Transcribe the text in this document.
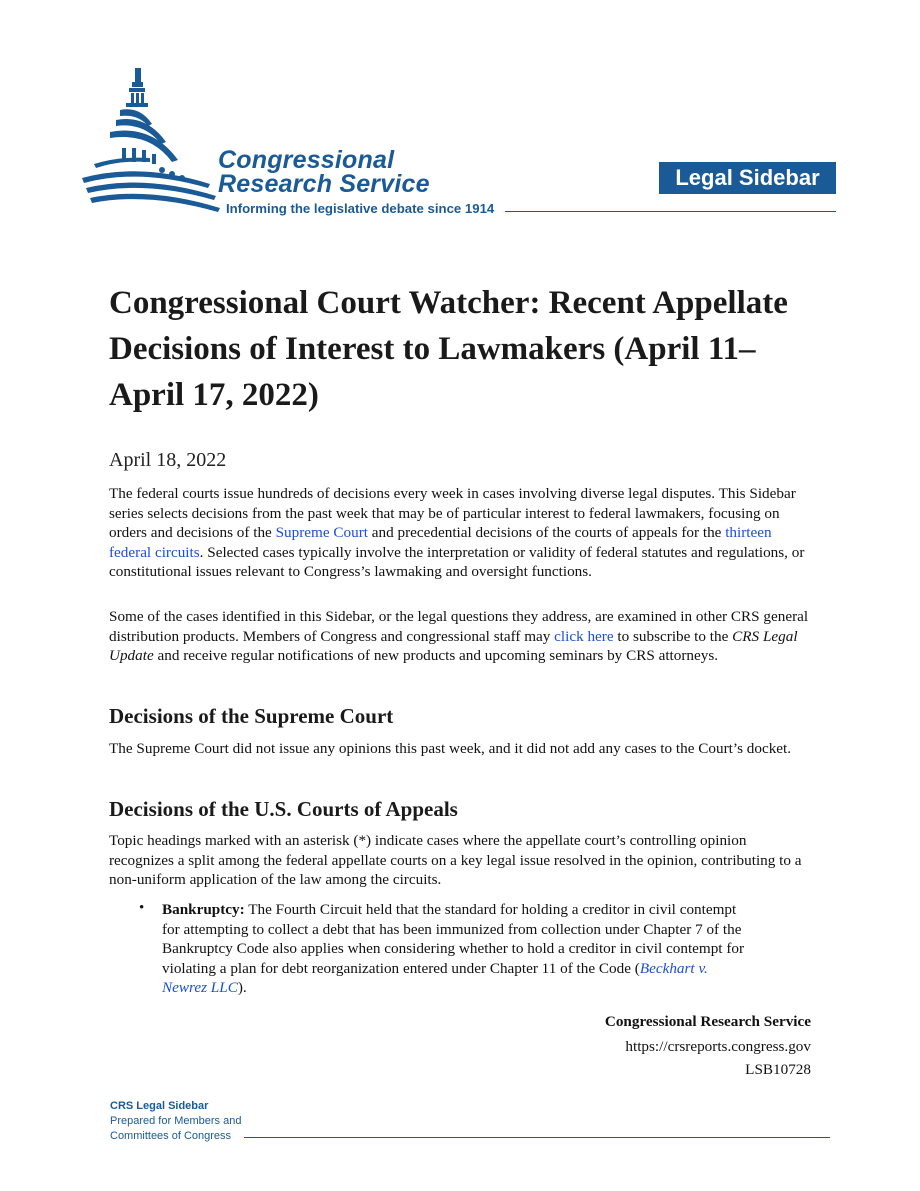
Congressional
Research Service
Informing the legislative debate since 1914
Legal Sidebar
Congressional Court Watcher: Recent Appellate Decisions of Interest to Lawmakers (April 11–April 17, 2022)
April 18, 2022

The federal courts issue hundreds of decisions every week in cases involving diverse legal disputes. This Sidebar series selects decisions from the past week that may be of particular interest to federal lawmakers, focusing on orders and decisions of the Supreme Court and precedential decisions of the courts of appeals for the thirteen federal circuits. Selected cases typically involve the interpretation or validity of federal statutes and regulations, or constitutional issues relevant to Congress’s lawmaking and oversight functions.

Some of the cases identified in this Sidebar, or the legal questions they address, are examined in other CRS general distribution products. Members of Congress and congressional staff may click here to subscribe to the CRS Legal Update and receive regular notifications of new products and upcoming seminars by CRS attorneys.

Decisions of the Supreme Court

The Supreme Court did not issue any opinions this past week, and it did not add any cases to the Court’s docket.

Decisions of the U.S. Courts of Appeals

Topic headings marked with an asterisk (*) indicate cases where the appellate court’s controlling opinion recognizes a split among the federal appellate courts on a key legal issue resolved in the opinion, contributing to a non-uniform application of the law among the circuits.

• Bankruptcy: The Fourth Circuit held that the standard for holding a creditor in civil contempt for attempting to collect a debt that has been immunized from collection under Chapter 7 of the Bankruptcy Code also applies when considering whether to hold a creditor in civil contempt for violating a plan for debt reorganization entered under Chapter 11 of the Code (Beckhart v. Newrez LLC).
Congressional Research Service
https://crsreports.congress.gov
LSB10728
CRS Legal Sidebar
Prepared for Members and
Committees of Congress
